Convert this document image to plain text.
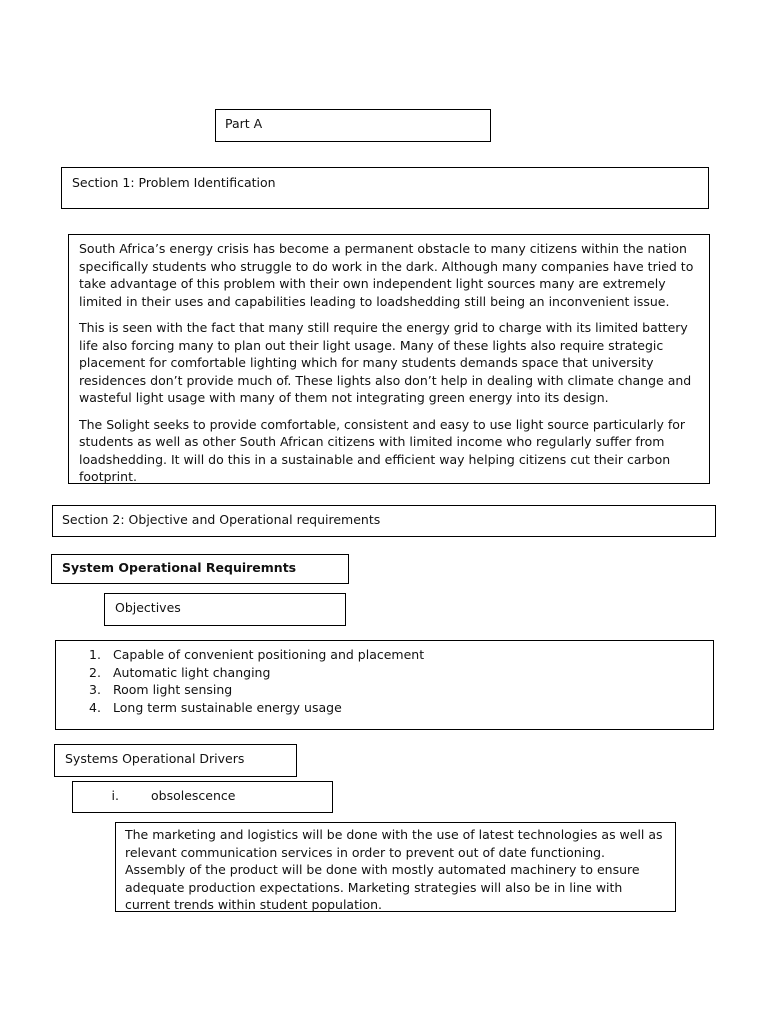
Part A
Section 1: Problem Identification

South Africa’s energy crisis has become a permanent obstacle to many citizens within the nation specifically students who struggle to do work in the dark. Although many companies have tried to take advantage of this problem with their own independent light sources many are extremely limited in their uses and capabilities leading to loadshedding still being an inconvenient issue.

This is seen with the fact that many still require the energy grid to charge with its limited battery life also forcing many to plan out their light usage. Many of these lights also require strategic placement for comfortable lighting which for many students demands space that university residences don’t provide much of. These lights also don’t help in dealing with climate change and wasteful light usage with many of them not integrating green energy into its design.

The Solight seeks to provide comfortable, consistent and easy to use light source particularly for students as well as other South African citizens with limited income who regularly suffer from loadshedding. It will do this in a sustainable and efficient way helping citizens cut their carbon footprint.

Section 2: Objective and Operational requirements
System Operational Requiremnts
Objectives
1. Capable of convenient positioning and placement
2. Automatic light changing
3. Room light sensing
4. Long term sustainable energy usage
Systems Operational Drivers
i.	obsolescence

The marketing and logistics will be done with the use of latest technologies as well as relevant communication services in order to prevent out of date functioning. Assembly of the product will be done with mostly automated machinery to ensure adequate production expectations. Marketing strategies will also be in line with current trends within student population.
